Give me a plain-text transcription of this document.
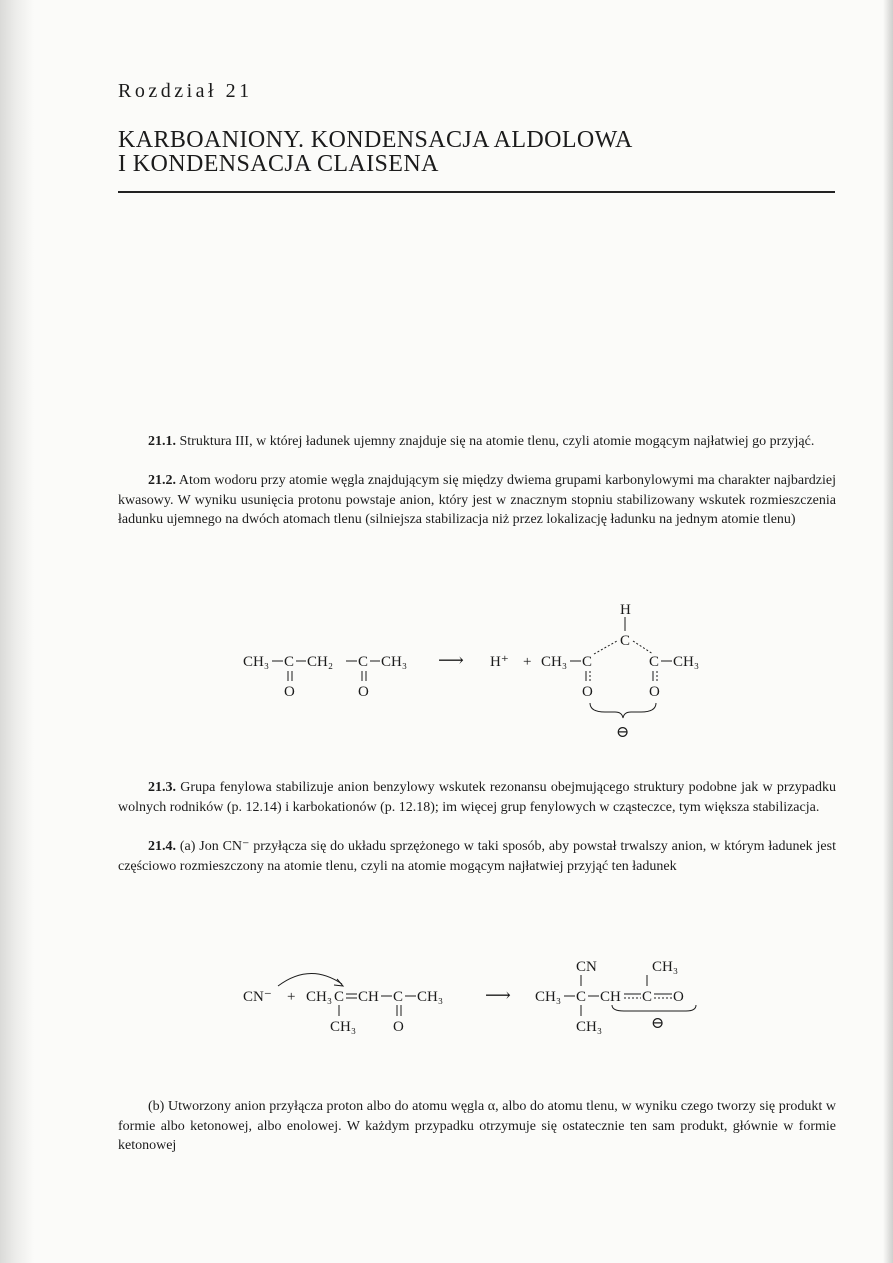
Rozdział 21
KARBOANIONY. KONDENSACJA ALDOLOWA
I KONDENSACJA CLAISENA

21.1. Struktura III, w której ładunek ujemny znajduje się na atomie tlenu, czyli atomie mogącym najłatwiej go przyjąć.

21.2. Atom wodoru przy atomie węgla znajdującym się między dwiema grupami karbonylowymi ma charakter najbardziej kwasowy. W wyniku usunięcia protonu powstaje anion, który jest w znacznym stopniu stabilizowany wskutek rozmieszczenia ładunku ujemnego na dwóch atomach tlenu (silniejsza stabilizacja niż przez lokalizację ładunku na jednym atomie tlenu)

CH₃ C CH₂ C CH₃
O	O
⟶ H⁺ + CH₃ C
H
C
C CH₃
O	O
⊖

21.3. Grupa fenylowa stabilizuje anion benzylowy wskutek rezonansu obejmującego struktury podobne jak w przypadku wolnych rodników (p. 12.14) i karbokationów (p. 12.18); im więcej grup fenylowych w cząsteczce, tym większa stabilizacja.

21.4. (a) Jon CN⁻ przyłącza się do układu sprzężonego w taki sposób, aby powstał trwalszy anion, w którym ładunek jest częściowo rozmieszczony na atomie tlenu, czyli na atomie mogącym najłatwiej przyjąć ten ładunek

CN⁻ + CH₃ C CH C CH₃
CH₃ O
⟶ CH₃ C CH C O
CN	CH₃
CH₃	⊖

(b) Utworzony anion przyłącza proton albo do atomu węgla α, albo do atomu tlenu, w wyniku czego tworzy się produkt w formie albo ketonowej, albo enolowej. W każdym przypadku otrzymuje się ostatecznie ten sam produkt, głównie w formie ketonowej
